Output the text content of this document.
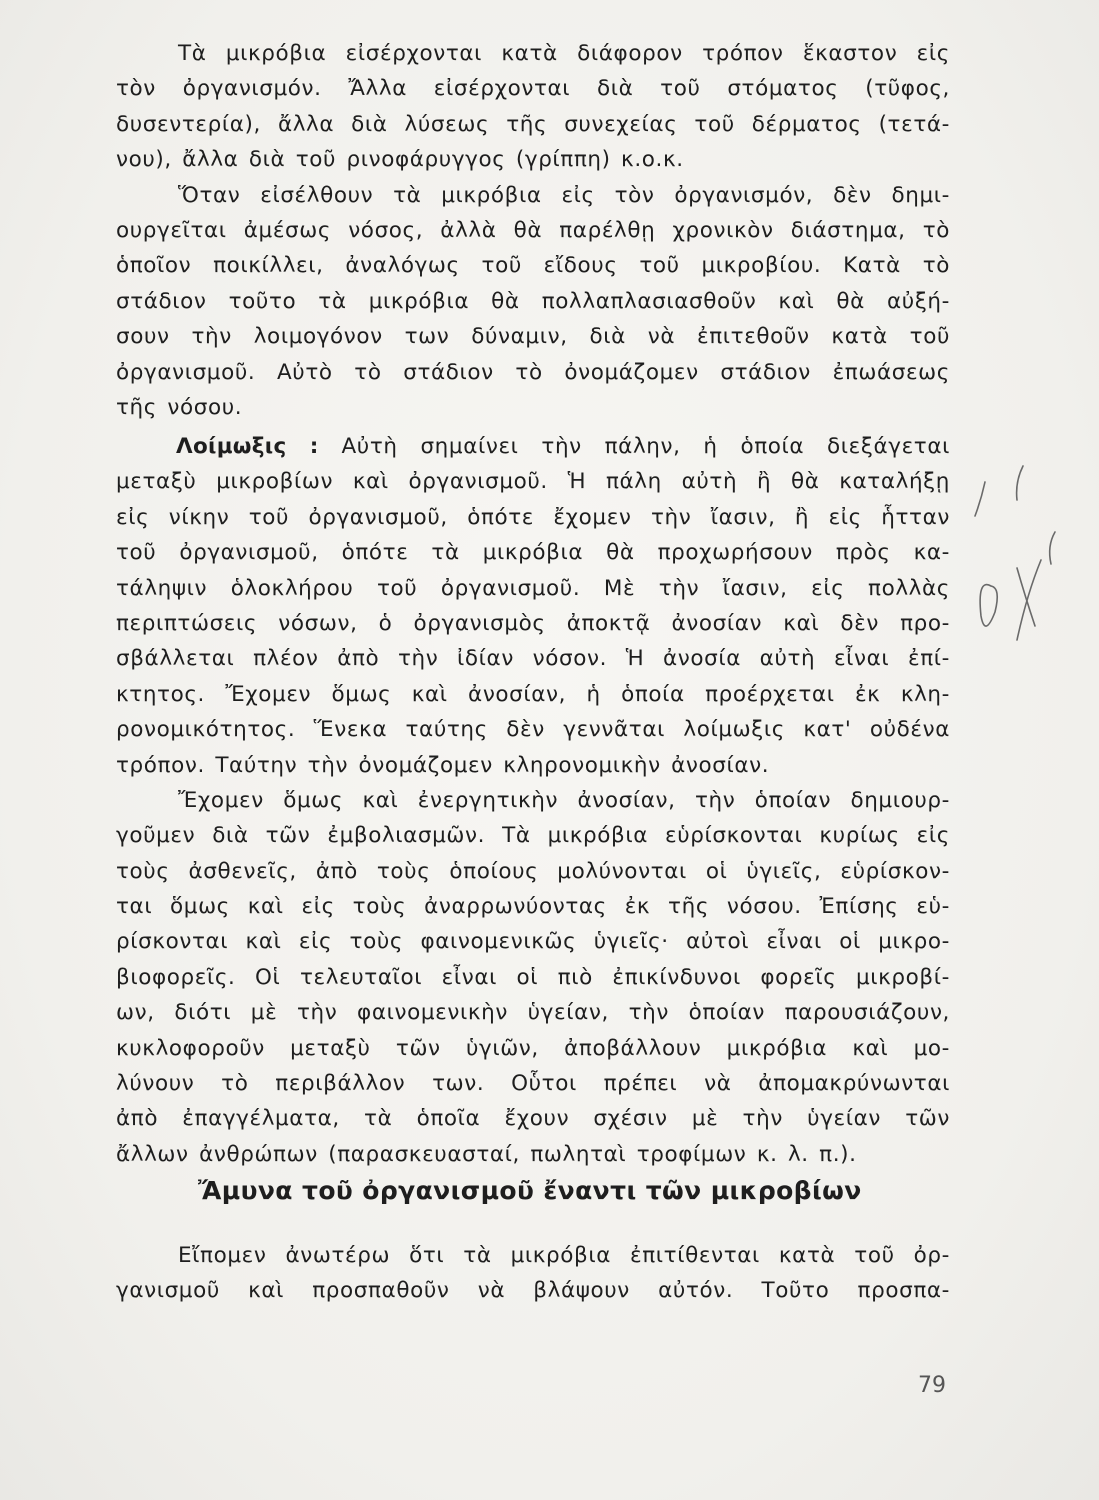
Τὰ μικρόβια εἰσέρχονται κατὰ διάφορον τρόπον ἕκαστον εἰς
τὸν ὀργανισμόν. Ἄλλα εἰσέρχονται διὰ τοῦ στόματος (τῦφος,
δυσεντερία), ἄλλα διὰ λύσεως τῆς συνεχείας τοῦ δέρματος (τετά-
νου), ἄλλα διὰ τοῦ ρινοφάρυγγος (γρίππη) κ.ο.κ.
Ὅταν εἰσέλθουν τὰ μικρόβια εἰς τὸν ὀργανισμόν, δὲν δημι-
ουργεῖται ἀμέσως νόσος, ἀλλὰ θὰ παρέλθῃ χρονικὸν διάστημα, τὸ
ὁποῖον ποικίλλει, ἀναλόγως τοῦ εἴδους τοῦ μικροβίου. Κατὰ τὸ
στάδιον τοῦτο τὰ μικρόβια θὰ πολλαπλασιασθοῦν καὶ θὰ αὐξή-
σουν τὴν λοιμογόνον των δύναμιν, διὰ νὰ ἐπιτεθοῦν κατὰ τοῦ
ὀργανισμοῦ. Αὐτὸ τὸ στάδιον τὸ ὀνομάζομεν στάδιον ἐπωάσεως
τῆς νόσου.
Λοίμωξις : Αὐτὴ σημαίνει τὴν πάλην, ἡ ὁποία διεξάγεται
μεταξὺ μικροβίων καὶ ὀργανισμοῦ. Ἡ πάλη αὐτὴ ἢ θὰ καταλήξῃ
εἰς νίκην τοῦ ὀργανισμοῦ, ὁπότε ἔχομεν τὴν ἴασιν, ἢ εἰς ἧτταν
τοῦ ὀργανισμοῦ, ὁπότε τὰ μικρόβια θὰ προχωρήσουν πρὸς κα-
τάληψιν ὁλοκλήρου τοῦ ὀργανισμοῦ. Μὲ τὴν ἴασιν, εἰς πολλὰς
περιπτώσεις νόσων, ὁ ὀργανισμὸς ἀποκτᾷ ἀνοσίαν καὶ δὲν προ-
σβάλλεται πλέον ἀπὸ τὴν ἰδίαν νόσον. Ἡ ἀνοσία αὐτὴ εἶναι ἐπί-
κτητος. Ἔχομεν ὅμως καὶ ἀνοσίαν, ἡ ὁποία προέρχεται ἐκ κλη-
ρονομικότητος. Ἕνεκα ταύτης δὲν γεννᾶται λοίμωξις κατ' οὐδένα
τρόπον. Ταύτην τὴν ὀνομάζομεν κληρονομικὴν ἀνοσίαν.
Ἔχομεν ὅμως καὶ ἐνεργητικὴν ἀνοσίαν, τὴν ὁποίαν δημιουρ-
γοῦμεν διὰ τῶν ἐμβολιασμῶν. Τὰ μικρόβια εὑρίσκονται κυρίως εἰς
τοὺς ἀσθενεῖς, ἀπὸ τοὺς ὁποίους μολύνονται οἱ ὑγιεῖς, εὑρίσκον-
ται ὅμως καὶ εἰς τοὺς ἀναρρωνύοντας ἐκ τῆς νόσου. Ἐπίσης εὑ-
ρίσκονται καὶ εἰς τοὺς φαινομενικῶς ὑγιεῖς· αὐτοὶ εἶναι οἱ μικρο-
βιοφορεῖς. Οἱ τελευταῖοι εἶναι οἱ πιὸ ἐπικίνδυνοι φορεῖς μικροβί-
ων, διότι μὲ τὴν φαινομενικὴν ὑγείαν, τὴν ὁποίαν παρουσιάζουν,
κυκλοφοροῦν μεταξὺ τῶν ὑγιῶν, ἀποβάλλουν μικρόβια καὶ μο-
λύνουν τὸ περιβάλλον των. Οὗτοι πρέπει νὰ ἀπομακρύνωνται
ἀπὸ ἐπαγγέλματα, τὰ ὁποῖα ἔχουν σχέσιν μὲ τὴν ὑγείαν τῶν
ἄλλων ἀνθρώπων (παρασκευασταί, πωληταὶ τροφίμων κ. λ. π.).
Ἄμυνα τοῦ ὀργανισμοῦ ἔναντι τῶν μικροβίων
Εἴπομεν ἀνωτέρω ὅτι τὰ μικρόβια ἐπιτίθενται κατὰ τοῦ ὀρ-
γανισμοῦ καὶ προσπαθοῦν νὰ βλάψουν αὐτόν. Τοῦτο προσπα-
79
